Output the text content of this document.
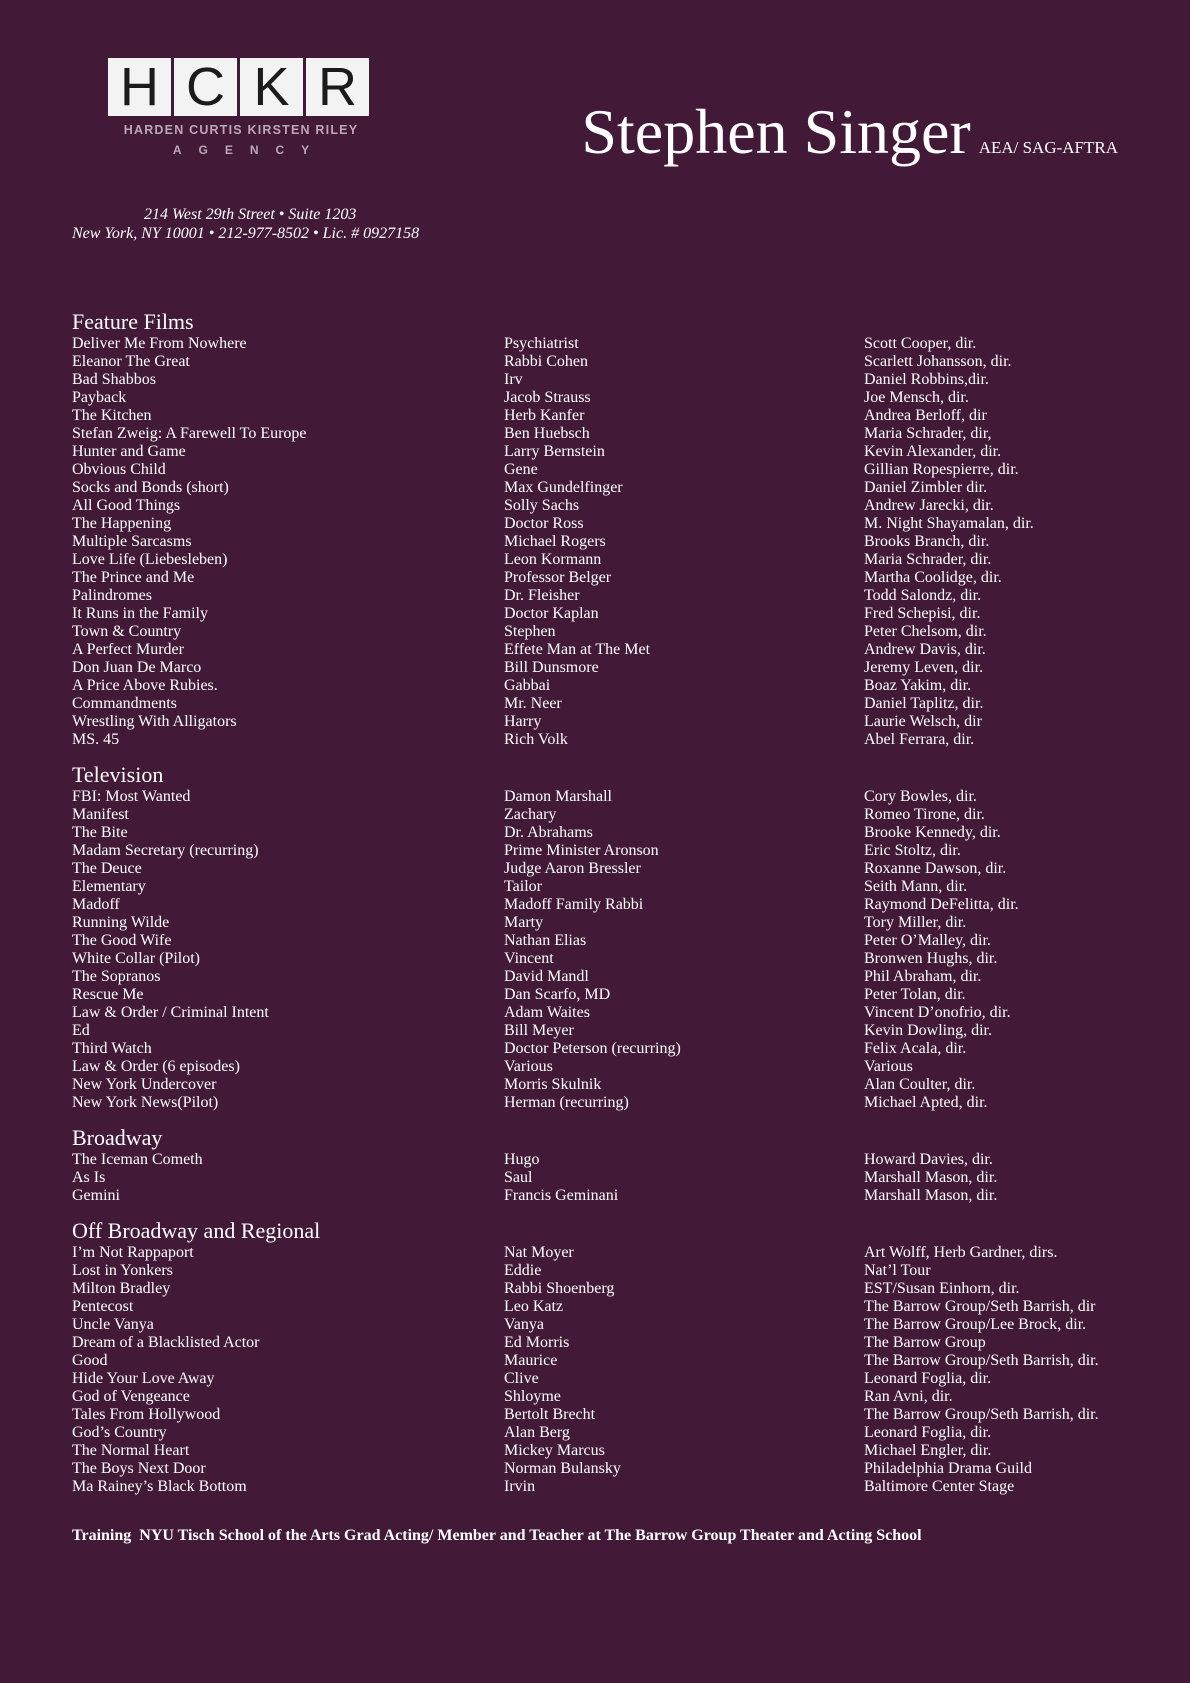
H C K R
HARDEN CURTIS KIRSTEN RILEY
AGENCY	Stephen Singer AEA/ SAG-AFTRA
214 West 29th Street • Suite 1203
New York, NY 10001 • 212-977-8502 • Lic. # 0927158
Feature Films
Deliver Me From Nowhere	Psychiatrist	Scott Cooper, dir.
Eleanor The Great	Rabbi Cohen	Scarlett Johansson, dir.
Bad Shabbos	Irv	Daniel Robbins,dir.
Payback	Jacob Strauss	Joe Mensch, dir.
The Kitchen	Herb Kanfer	Andrea Berloff, dir
Stefan Zweig: A Farewell To Europe	Ben Huebsch	Maria Schrader, dir,
Hunter and Game	Larry Bernstein	Kevin Alexander, dir.
Obvious Child	Gene	Gillian Ropespierre, dir.
Socks and Bonds (short)	Max Gundelfinger	Daniel Zimbler dir.
All Good Things	Solly Sachs	Andrew Jarecki, dir.
The Happening	Doctor Ross	M. Night Shayamalan, dir.
Multiple Sarcasms	Michael Rogers	Brooks Branch, dir.
Love Life (Liebesleben)	Leon Kormann	Maria Schrader, dir.
The Prince and Me	Professor Belger	Martha Coolidge, dir.
Palindromes	Dr. Fleisher	Todd Salondz, dir.
It Runs in the Family	Doctor Kaplan	Fred Schepisi, dir.
Town & Country	Stephen	Peter Chelsom, dir.
A Perfect Murder	Effete Man at The Met	Andrew Davis, dir.
Don Juan De Marco	Bill Dunsmore	Jeremy Leven, dir.
A Price Above Rubies.	Gabbai	Boaz Yakim, dir.
Commandments	Mr. Neer	Daniel Taplitz, dir.
Wrestling With Alligators	Harry	Laurie Welsch, dir
MS. 45	Rich Volk	Abel Ferrara, dir.
Television
FBI: Most Wanted	Damon Marshall	Cory Bowles, dir.
Manifest	Zachary	Romeo Tirone, dir.
The Bite	Dr. Abrahams	Brooke Kennedy, dir.
Madam Secretary (recurring)	Prime Minister Aronson	Eric Stoltz, dir.
The Deuce	Judge Aaron Bressler	Roxanne Dawson, dir.
Elementary	Tailor	Seith Mann, dir.
Madoff	Madoff Family Rabbi	Raymond DeFelitta, dir.
Running Wilde	Marty	Tory Miller, dir.
The Good Wife	Nathan Elias	Peter O’Malley, dir.
White Collar (Pilot)	Vincent	Bronwen Hughs, dir.
The Sopranos	David Mandl	Phil Abraham, dir.
Rescue Me	Dan Scarfo, MD	Peter Tolan, dir.
Law & Order / Criminal Intent	Adam Waites	Vincent D’onofrio, dir.
Ed	Bill Meyer	Kevin Dowling, dir.
Third Watch	Doctor Peterson (recurring)	Felix Acala, dir.
Law & Order (6 episodes)	Various	Various
New York Undercover	Morris Skulnik	Alan Coulter, dir.
New York News(Pilot)	Herman (recurring)	Michael Apted, dir.
Broadway
The Iceman Cometh	Hugo	Howard Davies, dir.
As Is	Saul	Marshall Mason, dir.
Gemini	Francis Geminani	Marshall Mason, dir.
Off Broadway and Regional
I’m Not Rappaport	Nat Moyer	Art Wolff, Herb Gardner, dirs.
Lost in Yonkers	Eddie	Nat’l Tour
Milton Bradley	Rabbi Shoenberg	EST/Susan Einhorn, dir.
Pentecost	Leo Katz	The Barrow Group/Seth Barrish, dir
Uncle Vanya	Vanya	The Barrow Group/Lee Brock, dir.
Dream of a Blacklisted Actor	Ed Morris	The Barrow Group
Good	Maurice	The Barrow Group/Seth Barrish, dir.
Hide Your Love Away	Clive	Leonard Foglia, dir.
God of Vengeance	Shloyme	Ran Avni, dir.
Tales From Hollywood	Bertolt Brecht	The Barrow Group/Seth Barrish, dir.
God’s Country	Alan Berg	Leonard Foglia, dir.
The Normal Heart	Mickey Marcus	Michael Engler, dir.
The Boys Next Door	Norman Bulansky	Philadelphia Drama Guild
Ma Rainey’s Black Bottom	Irvin	Baltimore Center Stage
Training  NYU Tisch School of the Arts Grad Acting/ Member and Teacher at The Barrow Group Theater and Acting School
